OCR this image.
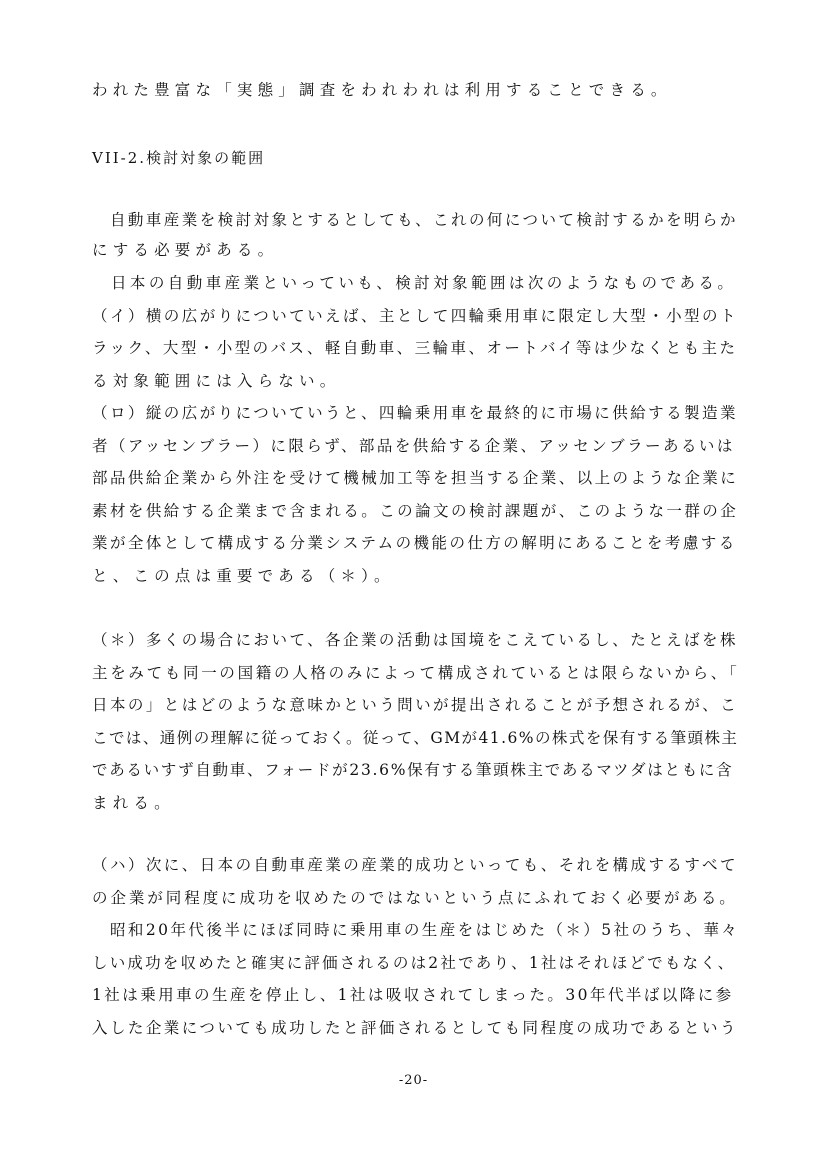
われた豊富な「実態」調査をわれわれは利用することできる。
VII-2.検討対象の範囲
　自動車産業を検討対象とするとしても、これの何について検討するかを明らか
にする必要がある。
　日本の自動車産業といっていも、検討対象範囲は次のようなものである。
（イ）横の広がりについていえば、主として四輪乗用車に限定し大型・小型のト
ラック、大型・小型のバス、軽自動車、三輪車、オートバイ等は少なくとも主た
る対象範囲には入らない。
（ロ）縦の広がりについていうと、四輪乗用車を最終的に市場に供給する製造業
者（アッセンブラー）に限らず、部品を供給する企業、アッセンブラーあるいは
部品供給企業から外注を受けて機械加工等を担当する企業、以上のような企業に
素材を供給する企業まで含まれる。この論文の検討課題が、このような一群の企
業が全体として構成する分業システムの機能の仕方の解明にあることを考慮する
と、この点は重要である（＊）。
（＊）多くの場合において、各企業の活動は国境をこえているし、たとえばを株
主をみても同一の国籍の人格のみによって構成されているとは限らないから、「
日本の」とはどのような意味かという問いが提出されることが予想されるが、こ
こでは、通例の理解に従っておく。従って、GMが41.6%の株式を保有する筆頭株主
であるいすず自動車、フォードが23.6%保有する筆頭株主であるマツダはともに含
まれる。
（ハ）次に、日本の自動車産業の産業的成功といっても、それを構成するすべて
の企業が同程度に成功を収めたのではないという点にふれておく必要がある。
　昭和20年代後半にほぼ同時に乗用車の生産をはじめた（＊）5社のうち、華々
しい成功を収めたと確実に評価されるのは2社であり、1社はそれほどでもなく、
1社は乗用車の生産を停止し、1社は吸収されてしまった。30年代半ば以降に参
入した企業についても成功したと評価されるとしても同程度の成功であるという
-20-
